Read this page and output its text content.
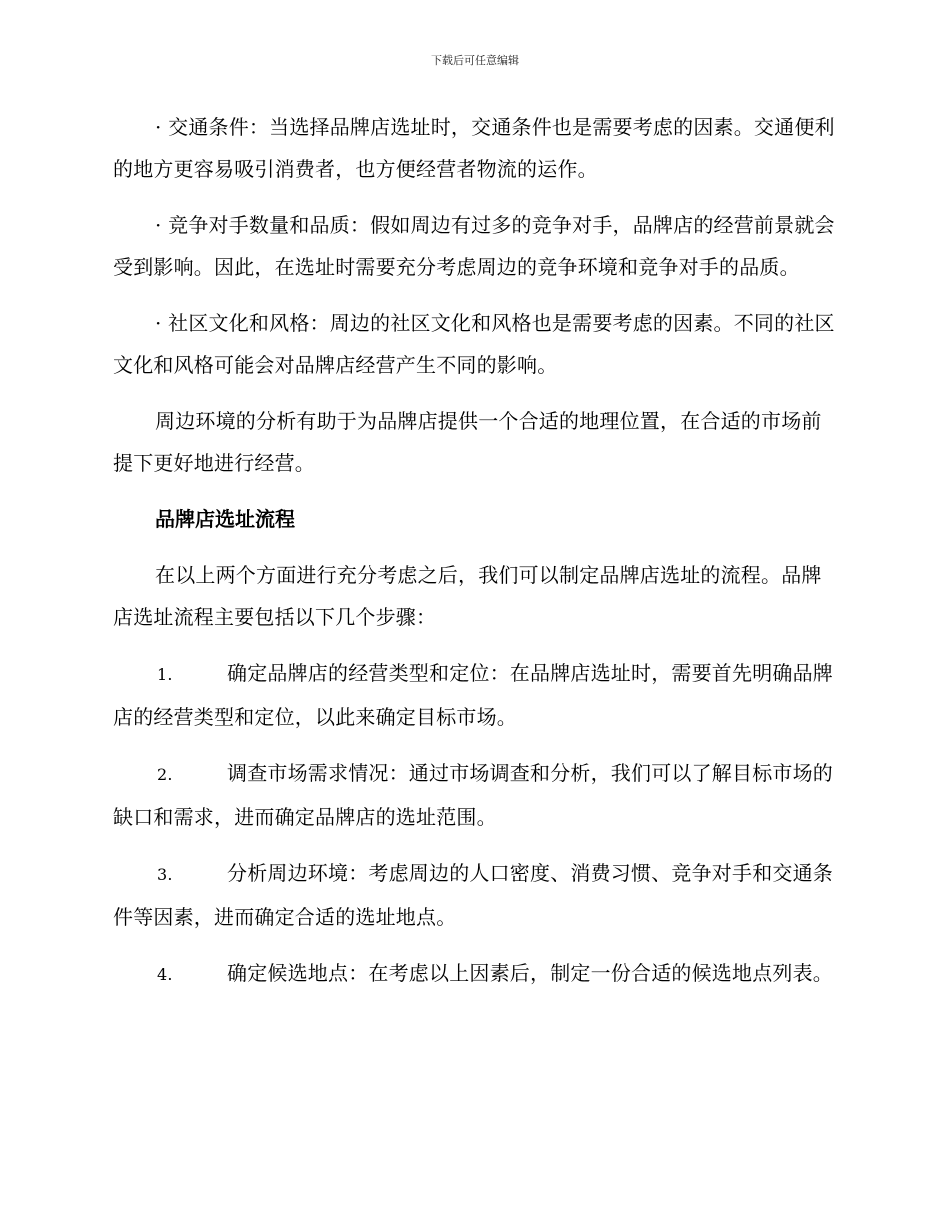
下载后可任意编辑

· 交通条件：当选择品牌店选址时，交通条件也是需要考虑的因素。交通便利的地方更容易吸引消费者，也方便经营者物流的运作。

· 竞争对手数量和品质：假如周边有过多的竞争对手，品牌店的经营前景就会受到影响。因此，在选址时需要充分考虑周边的竞争环境和竞争对手的品质。

· 社区文化和风格：周边的社区文化和风格也是需要考虑的因素。不同的社区文化和风格可能会对品牌店经营产生不同的影响。

周边环境的分析有助于为品牌店提供一个合适的地理位置，在合适的市场前提下更好地进行经营。

品牌店选址流程

在以上两个方面进行充分考虑之后，我们可以制定品牌店选址的流程。品牌店选址流程主要包括以下几个步骤：

1.	确定品牌店的经营类型和定位：在品牌店选址时，需要首先明确品牌店的经营类型和定位，以此来确定目标市场。

2.	调查市场需求情况：通过市场调查和分析，我们可以了解目标市场的缺口和需求，进而确定品牌店的选址范围。

3.	分析周边环境：考虑周边的人口密度、消费习惯、竞争对手和交通条件等因素，进而确定合适的选址地点。

4.	确定候选地点：在考虑以上因素后，制定一份合适的候选地点列表。
